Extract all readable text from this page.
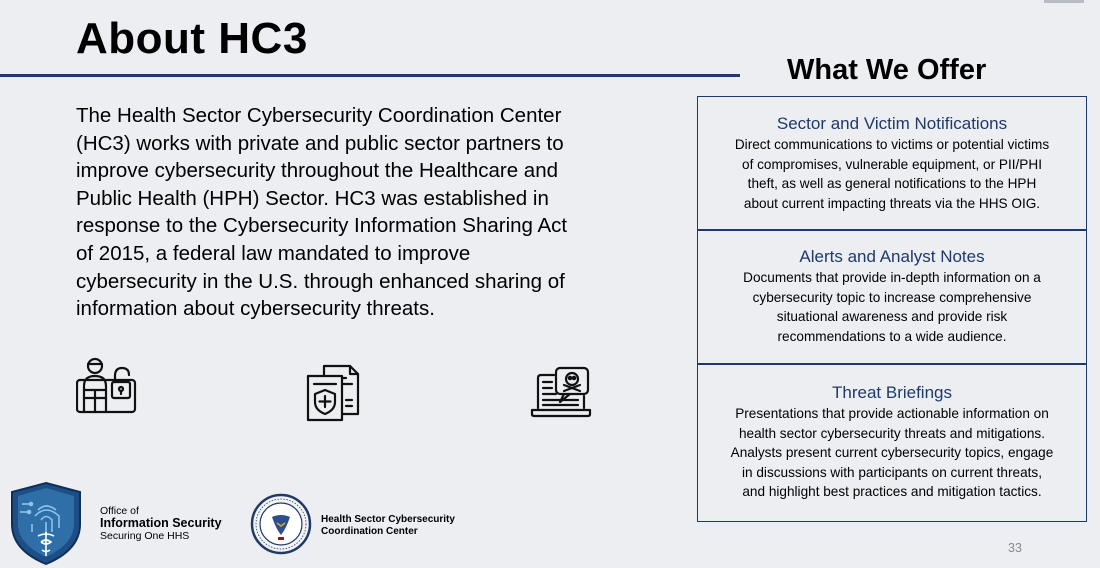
About HC3
What We Offer

The Health Sector Cybersecurity Coordination Center
(HC3) works with private and public sector partners to
improve cybersecurity throughout the Healthcare and
Public Health (HPH) Sector. HC3 was established in
response to the Cybersecurity Information Sharing Act
of 2015, a federal law mandated to improve
cybersecurity in the U.S. through enhanced sharing of
information about cybersecurity threats.

Sector and Victim Notifications
Direct communications to victims or potential victims
of compromises, vulnerable equipment, or PII/PHI
theft, as well as general notifications to the HPH
about current impacting threats via the HHS OIG.
Alerts and Analyst Notes
Documents that provide in-depth information on a
cybersecurity topic to increase comprehensive
situational awareness and provide risk
recommendations to a wide audience.
Threat Briefings
Presentations that provide actionable information on
health sector cybersecurity threats and mitigations.
Analysts present current cybersecurity topics, engage
in discussions with participants on current threats,
and highlight best practices and mitigation tactics.
Office of
Information Security
Securing One HHS
Health Sector Cybersecurity
Coordination Center
33
